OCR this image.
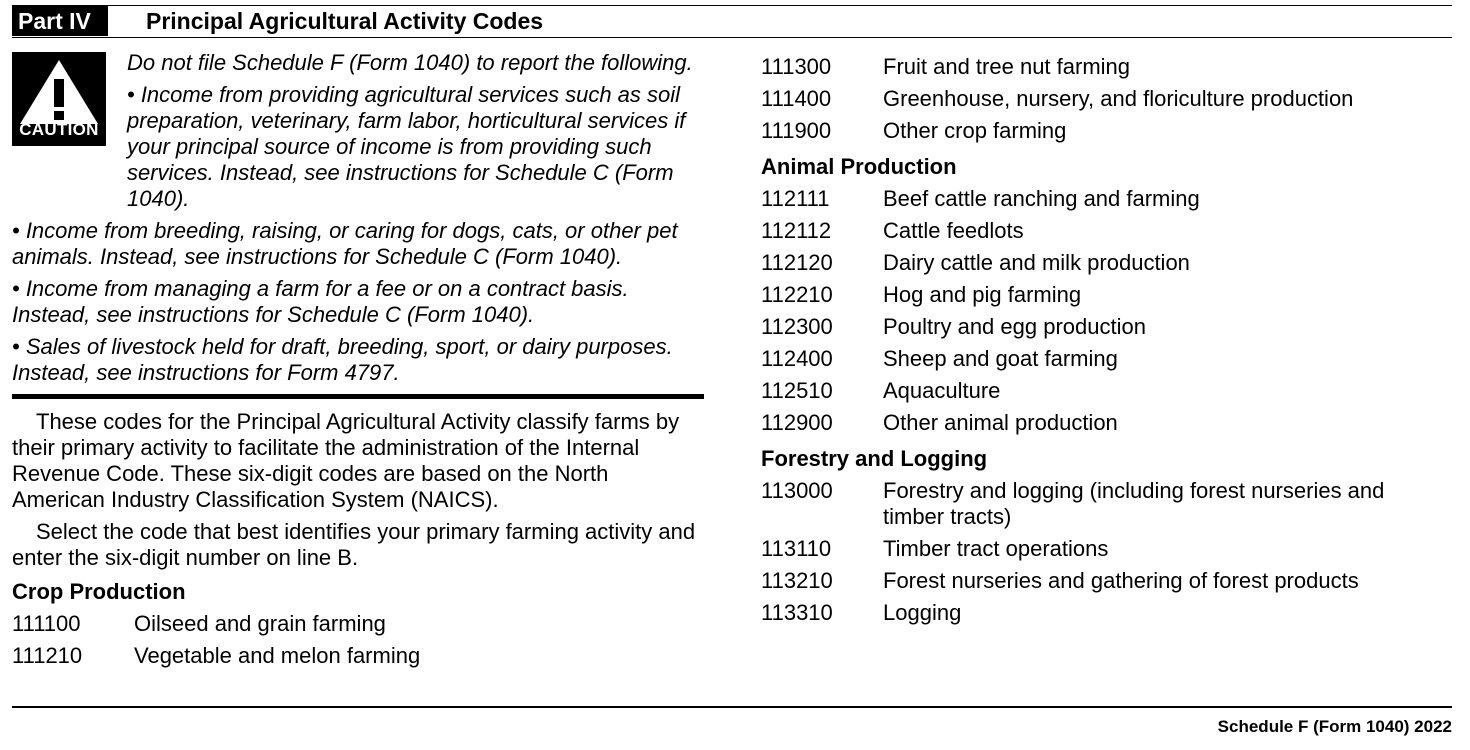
Part IV	Principal Agricultural Activity Codes
CAUTION

Do not file Schedule F (Form 1040) to report the following.

• Income from providing agricultural services such as soil preparation, veterinary, farm labor, horticultural services if your principal source of income is from providing such services. Instead, see instructions for Schedule C (Form 1040).

• Income from breeding, raising, or caring for dogs, cats, or other pet animals. Instead, see instructions for Schedule C (Form 1040).

• Income from managing a farm for a fee or on a contract basis. Instead, see instructions for Schedule C (Form 1040).

• Sales of livestock held for draft, breeding, sport, or dairy purposes. Instead, see instructions for Form 4797.

These codes for the Principal Agricultural Activity classify farms by their primary activity to facilitate the administration of the Internal Revenue Code. These six-digit codes are based on the North American Industry Classification System (NAICS).

Select the code that best identifies your primary farming activity and enter the six-digit number on line B.

Crop Production
111100	Oilseed and grain farming
111210	Vegetable and melon farming
111300	Fruit and tree nut farming
111400	Greenhouse, nursery, and floriculture production
111900	Other crop farming
Animal Production
112111	Beef cattle ranching and farming
112112	Cattle feedlots
112120	Dairy cattle and milk production
112210	Hog and pig farming
112300	Poultry and egg production
112400	Sheep and goat farming
112510	Aquaculture
112900	Other animal production
Forestry and Logging
113000	Forestry and logging (including forest nurseries and timber tracts)
113110	Timber tract operations
113210	Forest nurseries and gathering of forest products
113310	Logging
Schedule F (Form 1040) 2022
